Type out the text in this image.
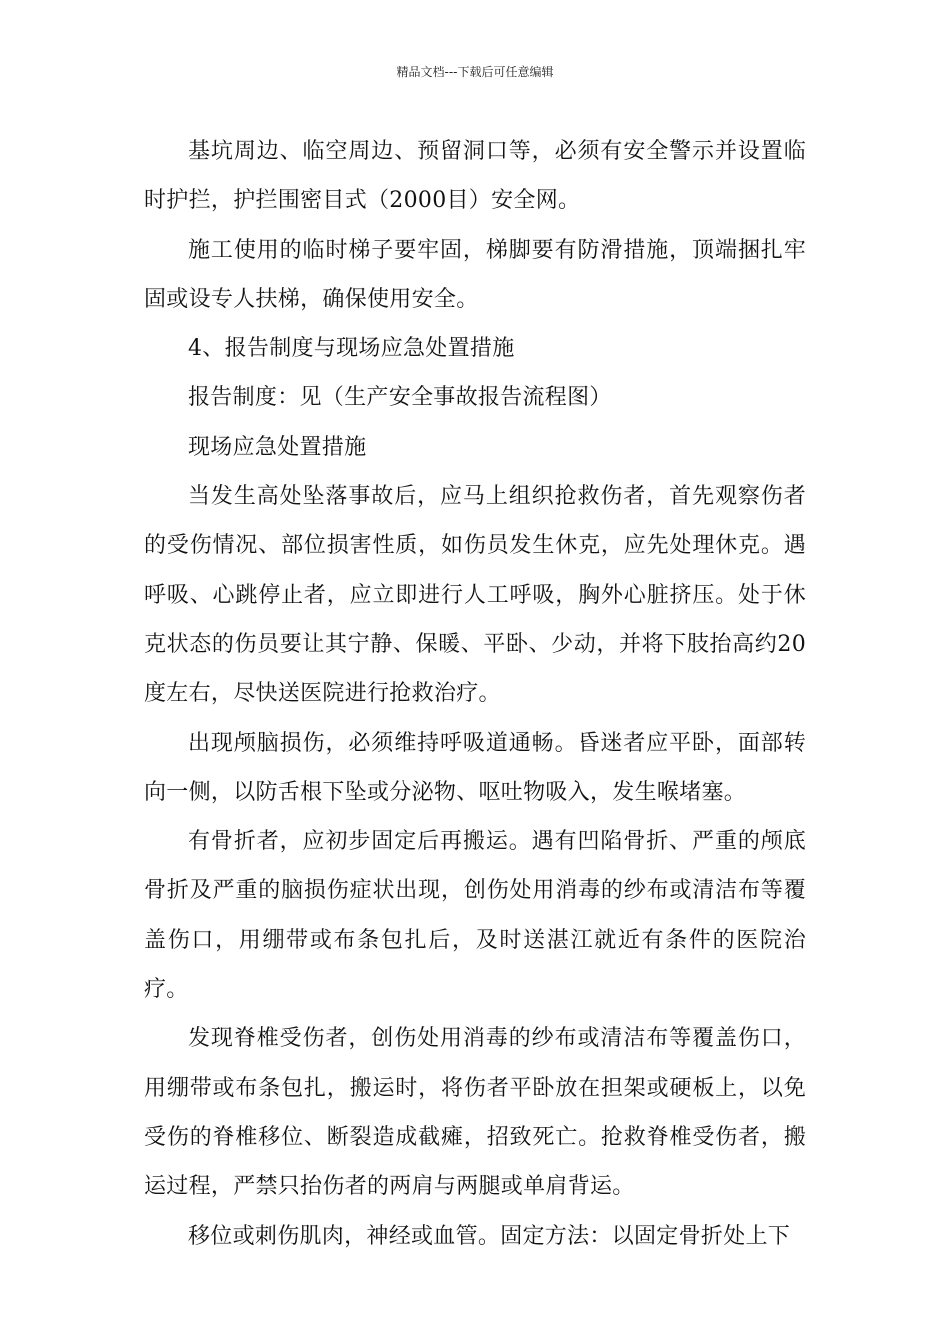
精品文档---下载后可任意编辑

基坑周边、临空周边、预留洞口等，必须有安全警示并设置临时护拦，护拦围密目式（2000目）安全网。

施工使用的临时梯子要牢固，梯脚要有防滑措施，顶端捆扎牢固或设专人扶梯，确保使用安全。

4、报告制度与现场应急处置措施

报告制度：见（生产安全事故报告流程图）

现场应急处置措施

当发生高处坠落事故后，应马上组织抢救伤者，首先观察伤者的受伤情况、部位损害性质，如伤员发生休克，应先处理休克。遇呼吸、心跳停止者，应立即进行人工呼吸，胸外心脏挤压。处于休克状态的伤员要让其宁静、保暖、平卧、少动，并将下肢抬高约20度左右，尽快送医院进行抢救治疗。

出现颅脑损伤，必须维持呼吸道通畅。昏迷者应平卧，面部转向一侧，以防舌根下坠或分泌物、呕吐物吸入，发生喉堵塞。

有骨折者，应初步固定后再搬运。遇有凹陷骨折、严重的颅底骨折及严重的脑损伤症状出现，创伤处用消毒的纱布或清洁布等覆盖伤口，用绷带或布条包扎后，及时送湛江就近有条件的医院治疗。

发现脊椎受伤者，创伤处用消毒的纱布或清洁布等覆盖伤口，用绷带或布条包扎，搬运时，将伤者平卧放在担架或硬板上，以免受伤的脊椎移位、断裂造成截瘫，招致死亡。抢救脊椎受伤者，搬运过程，严禁只抬伤者的两肩与两腿或单肩背运。

移位或刺伤肌肉，神经或血管。固定方法：以固定骨折处上下
